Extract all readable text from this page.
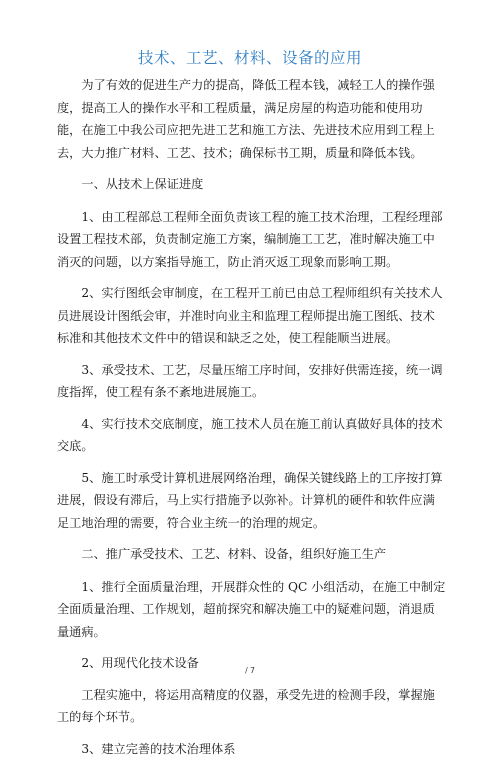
技术、工艺、材料、设备的应用

为了有效的促进生产力的提高，降低工程本钱，减轻工人的操作强度，提高工人的操作水平和工程质量，满足房屋的构造功能和使用功能，在施工中我公司应把先进工艺和施工方法、先进技术应用到工程上去，大力推广材料、工艺、技术；确保标书工期，质量和降低本钱。

一、从技术上保证进度

1、由工程部总工程师全面负责该工程的施工技术治理，工程经理部设置工程技术部，负责制定施工方案，编制施工工艺，准时解决施工中消灭的问题，以方案指导施工，防止消灭返工现象而影响工期。

2、实行图纸会审制度，在工程开工前已由总工程师组织有关技术人员进展设计图纸会审，并准时向业主和监理工程师提出施工图纸、技术标准和其他技术文件中的错误和缺乏之处，使工程能顺当进展。

3、承受技术、工艺，尽量压缩工序时间，安排好供需连接，统一调度指挥，使工程有条不紊地进展施工。

4、实行技术交底制度，施工技术人员在施工前认真做好具体的技术交底。

5、施工时承受计算机进展网络治理，确保关键线路上的工序按打算进展，假设有滞后，马上实行措施予以弥补。计算机的硬件和软件应满足工地治理的需要，符合业主统一的治理的规定。

二、推广承受技术、工艺、材料、设备，组织好施工生产

1、推行全面质量治理，开展群众性的 QC 小组活动，在施工中制定全面质量治理、工作规划，超前探究和解决施工中的疑难问题，消退质量通病。

2、用现代化技术设备

工程实施中，将运用高精度的仪器，承受先进的检测手段，掌握施工的每个环节。

3、建立完善的技术治理体系

/ 7
